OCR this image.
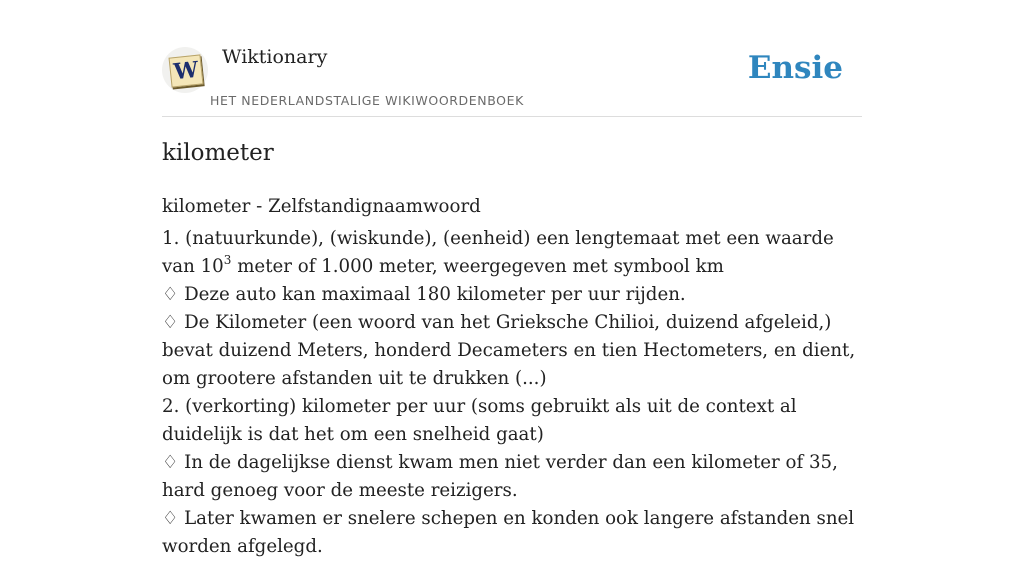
W Wiktionary
HET NEDERLANDSTALIGE WIKIWOORDENBOEK
Ensie
kilometer

kilometer - Zelfstandignaamwoord

1. (natuurkunde), (wiskunde), (eenheid) een lengtemaat met een waarde van $10^3$ meter of 1.000 meter, weergegeven met symbool km

♢ Deze auto kan maximaal 180 kilometer per uur rijden.

♢ De Kilometer (een woord van het Grieksche Chilioi, duizend afgeleid,) bevat duizend Meters, honderd Decameters en tien Hectometers, en dient, om grootere afstanden uit te drukken (...)

2. (verkorting) kilometer per uur (soms gebruikt als uit de context al duidelijk is dat het om een snelheid gaat)

♢ In de dagelijkse dienst kwam men niet verder dan een kilometer of 35, hard genoeg voor de meeste reizigers.

♢ Later kwamen er snelere schepen en konden ook langere afstanden snel worden afgelegd.
